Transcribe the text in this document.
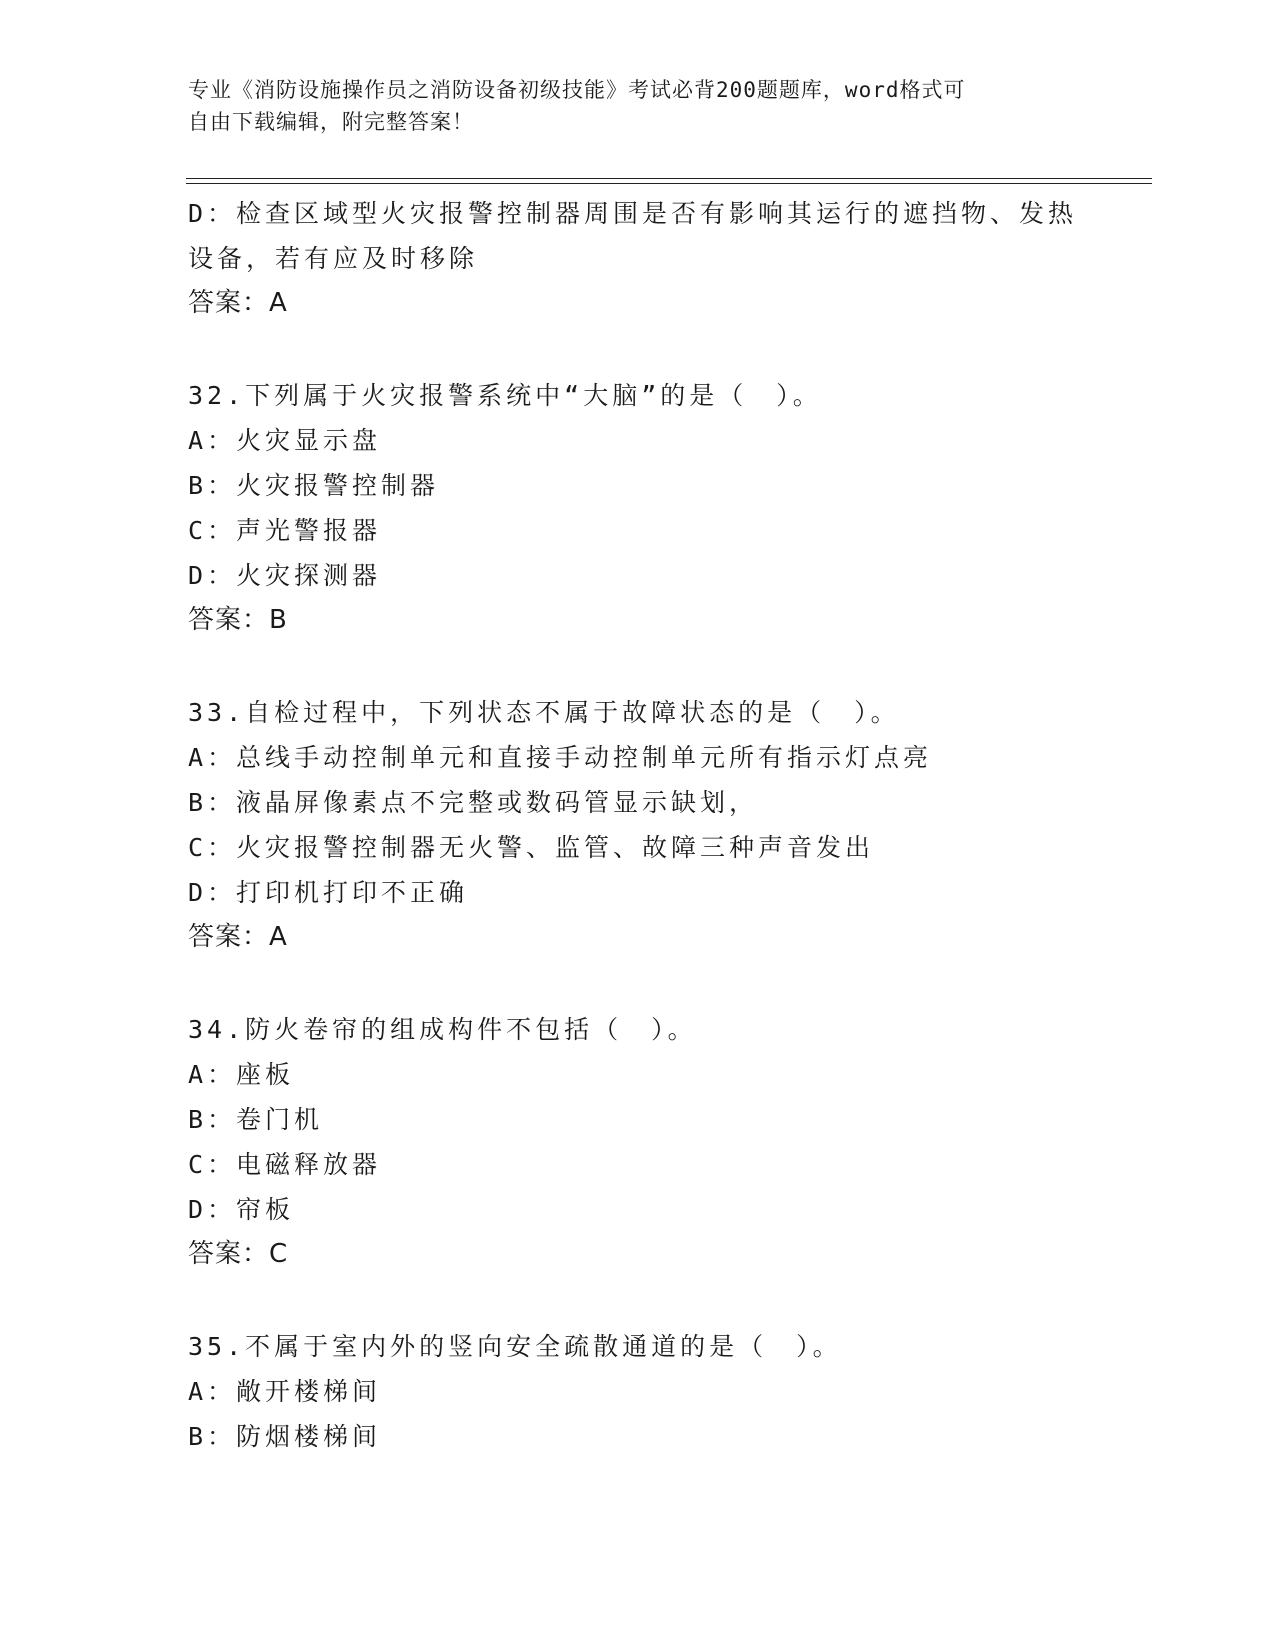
专业《消防设施操作员之消防设备初级技能》考试必背200题题库，word格式可
自由下载编辑，附完整答案！
D：检查区域型火灾报警控制器周围是否有影响其运行的遮挡物、发热
设备，若有应及时移除
答案：A
32.下列属于火灾报警系统中“大脑”的是（　）。
A：火灾显示盘
B：火灾报警控制器
C：声光警报器
D：火灾探测器
答案：B
33.自检过程中，下列状态不属于故障状态的是（　）。
A：总线手动控制单元和直接手动控制单元所有指示灯点亮
B：液晶屏像素点不完整或数码管显示缺划，
C：火灾报警控制器无火警、监管、故障三种声音发出
D：打印机打印不正确
答案：A
34.防火卷帘的组成构件不包括（　）。
A：座板
B：卷门机
C：电磁释放器
D：帘板
答案：C
35.不属于室内外的竖向安全疏散通道的是（　）。
A：敞开楼梯间
B：防烟楼梯间
